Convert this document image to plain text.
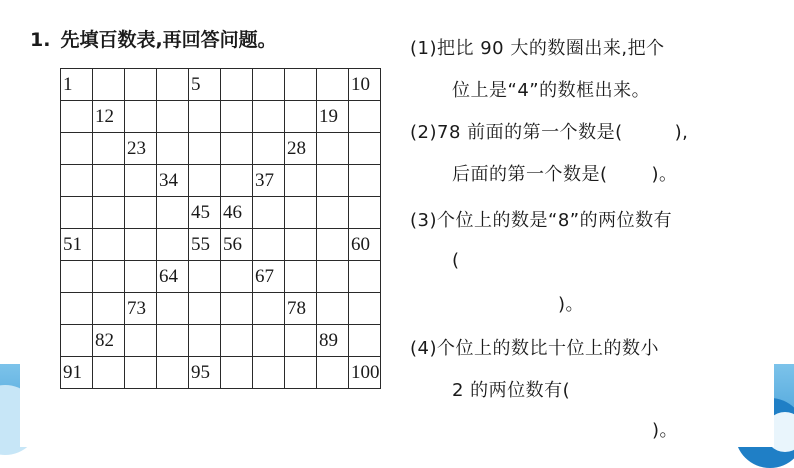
1. 先填百数表,再回答问题。
1				5					10
	12							19	
		23					28		
			34			37			
				45	46				
51				55	56				60
			64			67			
		73					78		
	82							89	
91				95					100
(1)把比 90 大的数圈出来,把个
位上是“4”的数框出来。
(2)78 前面的第一个数是(	),
后面的第一个数是( )。
(3)个位上的数是“8”的两位数有
(
)。
(4)个位上的数比十位上的数小
2 的两位数有(
)。
